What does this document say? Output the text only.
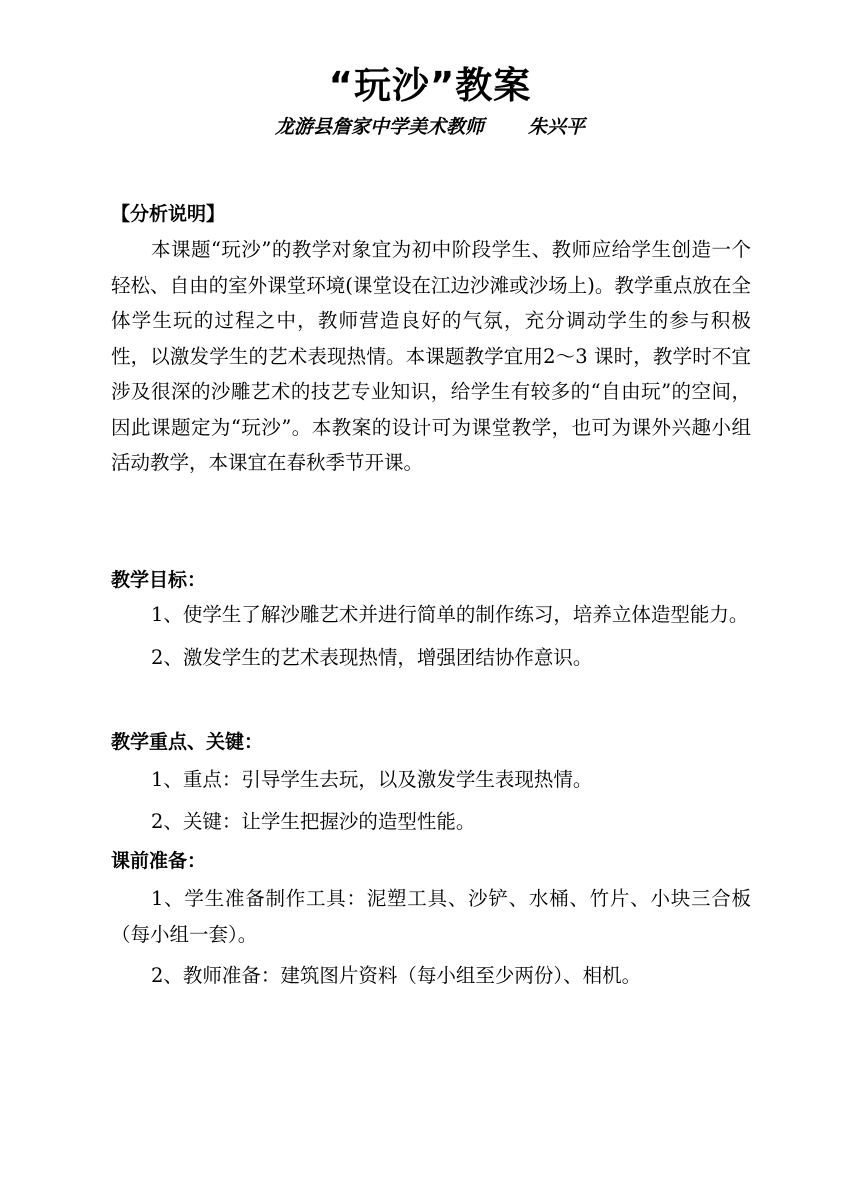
“玩沙”教案
龙游县詹家中学美术教师 朱兴平

【分析说明】

本课题“玩沙”的教学对象宜为初中阶段学生、教师应给学生创造一个轻松、自由的室外课堂环境(课堂设在江边沙滩或沙场上)。教学重点放在全体学生玩的过程之中，教师营造良好的气氛，充分调动学生的参与积极性，以激发学生的艺术表现热情。本课题教学宜用2～3 课时，教学时不宜涉及很深的沙雕艺术的技艺专业知识，给学生有较多的“自由玩”的空间，因此课题定为“玩沙”。本教案的设计可为课堂教学，也可为课外兴趣小组活动教学，本课宜在春秋季节开课。

教学目标：

1、使学生了解沙雕艺术并进行简单的制作练习，培养立体造型能力。

2、激发学生的艺术表现热情，增强团结协作意识。

教学重点、关键：

1、重点：引导学生去玩，以及激发学生表现热情。

2、关键：让学生把握沙的造型性能。

课前准备：

1、学生准备制作工具：泥塑工具、沙铲、水桶、竹片、小块三合板（每小组一套）。

2、教师准备：建筑图片资料（每小组至少两份）、相机。
